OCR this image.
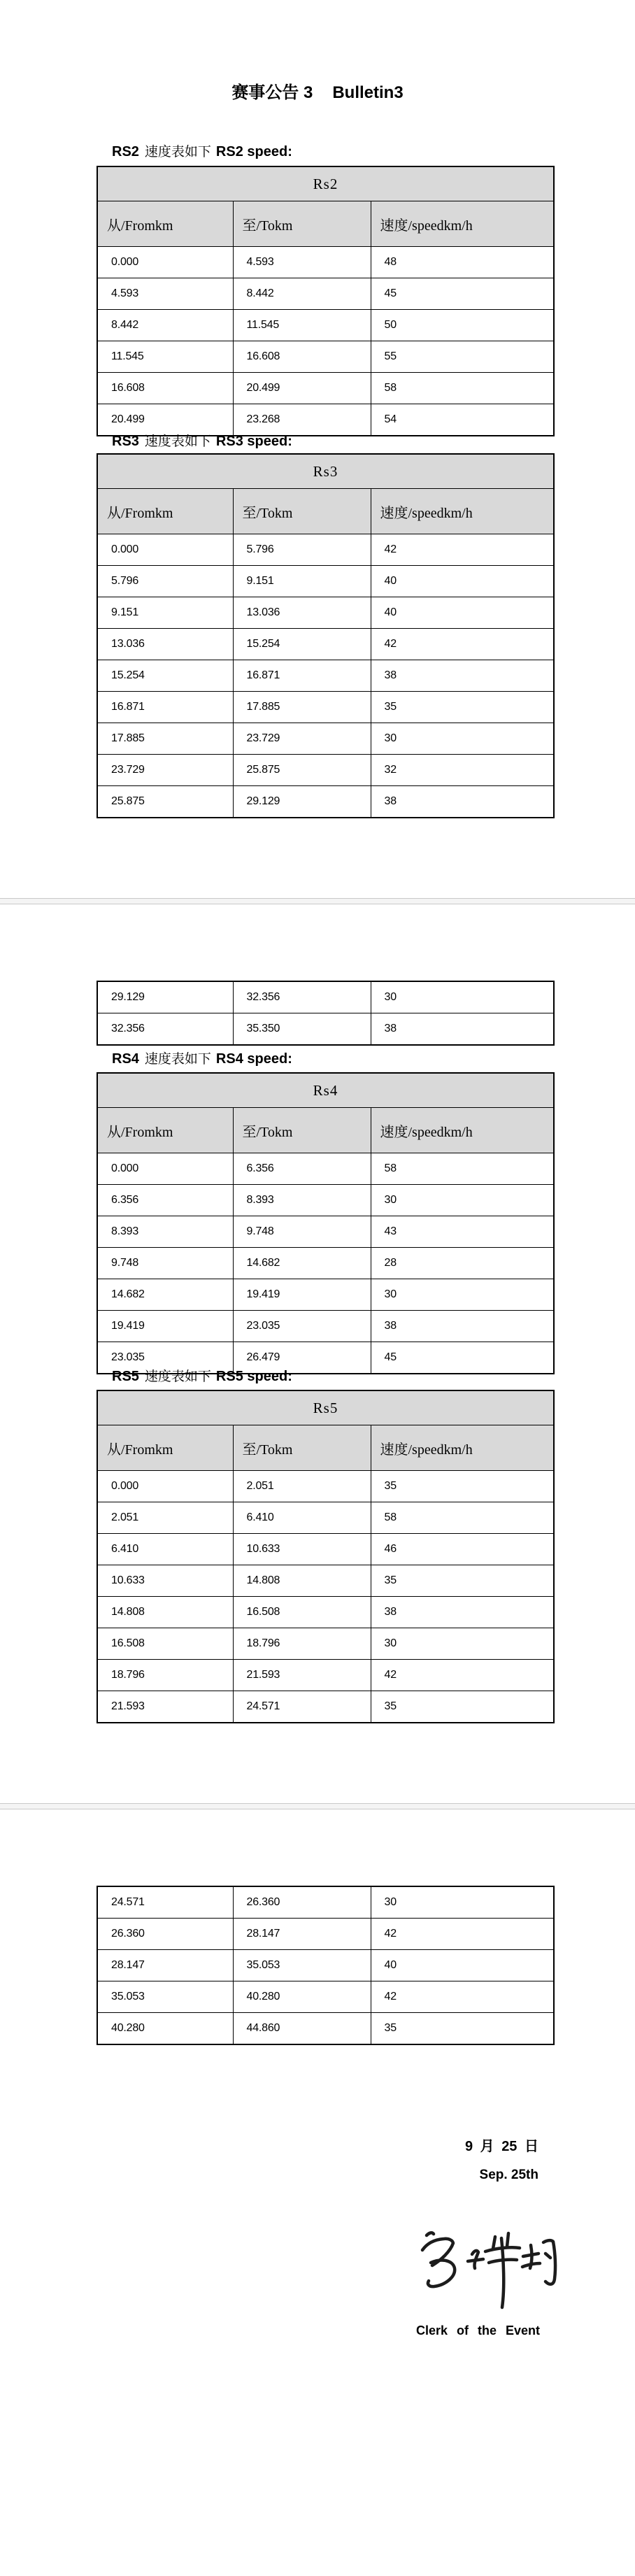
赛事公告 3 Bulletin3
RS2 速度表如下 RS2 speed:
Rs2		
从/Fromkm	至/Tokm	速度/speedkm/h
0.000	4.593	48
4.593	8.442	45
8.442	11.545	50
11.545	16.608	55
16.608	20.499	58
20.499	23.268	54
RS3 速度表如下 RS3 speed:
Rs3		
从/Fromkm	至/Tokm	速度/speedkm/h
0.000	5.796	42
5.796	9.151	40
9.151	13.036	40
13.036	15.254	42
15.254	16.871	38
16.871	17.885	35
17.885	23.729	30
23.729	25.875	32
25.875	29.129	38
29.129	32.356	30
32.356	35.350	38
RS4 速度表如下 RS4 speed:
Rs4		
从/Fromkm	至/Tokm	速度/speedkm/h
0.000	6.356	58
6.356	8.393	30
8.393	9.748	43
9.748	14.682	28
14.682	19.419	30
19.419	23.035	38
23.035	26.479	45
RS5 速度表如下 RS5 speed:
Rs5		
从/Fromkm	至/Tokm	速度/speedkm/h
0.000	2.051	35
2.051	6.410	58
6.410	10.633	46
10.633	14.808	35
14.808	16.508	38
16.508	18.796	30
18.796	21.593	42
21.593	24.571	35
24.571	26.360	30
26.360	28.147	42
28.147	35.053	40
35.053	40.280	42
40.280	44.860	35
9 月 25 日
Sep. 25th
Clerk of the Event
